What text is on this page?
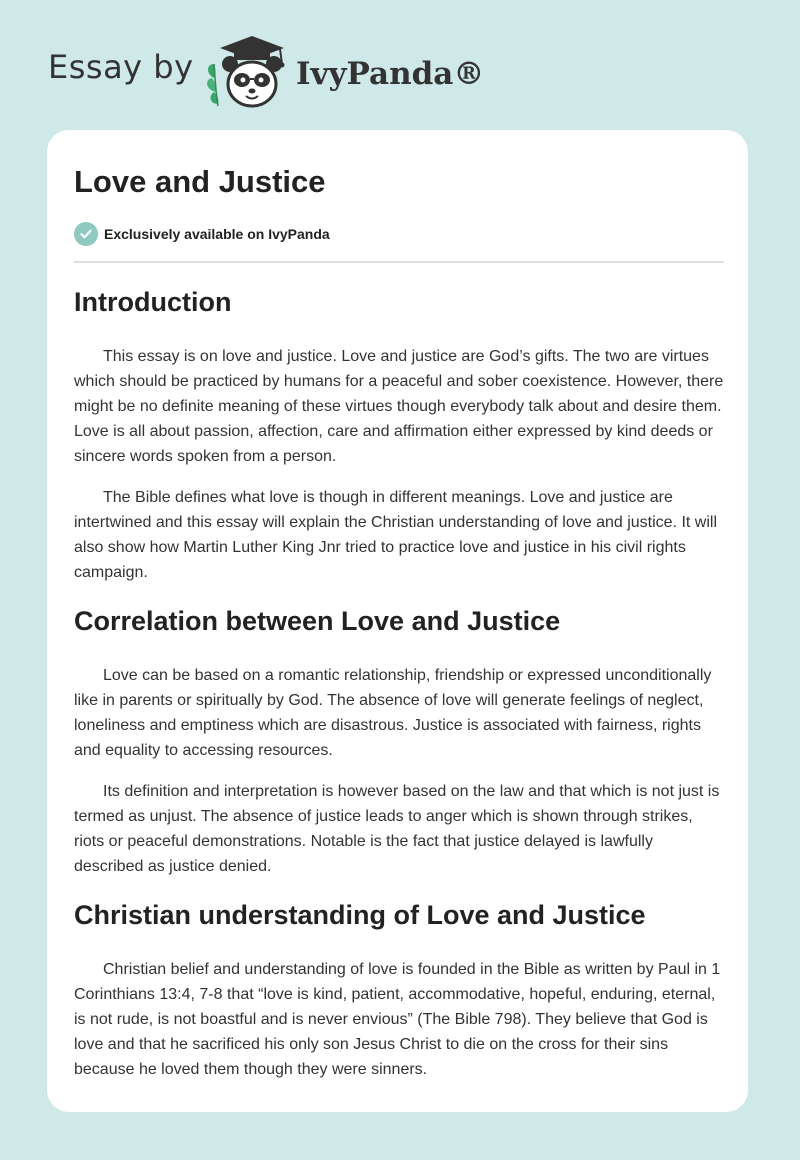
Essay by	IvyPanda®
Love and Justice
Exclusively available on IvyPanda
Introduction

This essay is on love and justice. Love and justice are God’s gifts. The two are virtues which should be practiced by humans for a peaceful and sober coexistence. However, there might be no definite meaning of these virtues though everybody talk about and desire them. Love is all about passion, affection, care and affirmation either expressed by kind deeds or sincere words spoken from a person.

The Bible defines what love is though in different meanings. Love and justice are intertwined and this essay will explain the Christian understanding of love and justice. It will also show how Martin Luther King Jnr tried to practice love and justice in his civil rights campaign.

Correlation between Love and Justice

Love can be based on a romantic relationship, friendship or expressed unconditionally like in parents or spiritually by God. The absence of love will generate feelings of neglect, loneliness and emptiness which are disastrous. Justice is associated with fairness, rights and equality to accessing resources.

Its definition and interpretation is however based on the law and that which is not just is termed as unjust. The absence of justice leads to anger which is shown through strikes, riots or peaceful demonstrations. Notable is the fact that justice delayed is lawfully described as justice denied.

Christian understanding of Love and Justice

Christian belief and understanding of love is founded in the Bible as written by Paul in 1 Corinthians 13:4, 7-8 that “love is kind, patient, accommodative, hopeful, enduring, eternal, is not rude, is not boastful and is never envious” (The Bible 798). They believe that God is love and that he sacrificed his only son Jesus Christ to die on the cross for their sins because he loved them though they were sinners.
